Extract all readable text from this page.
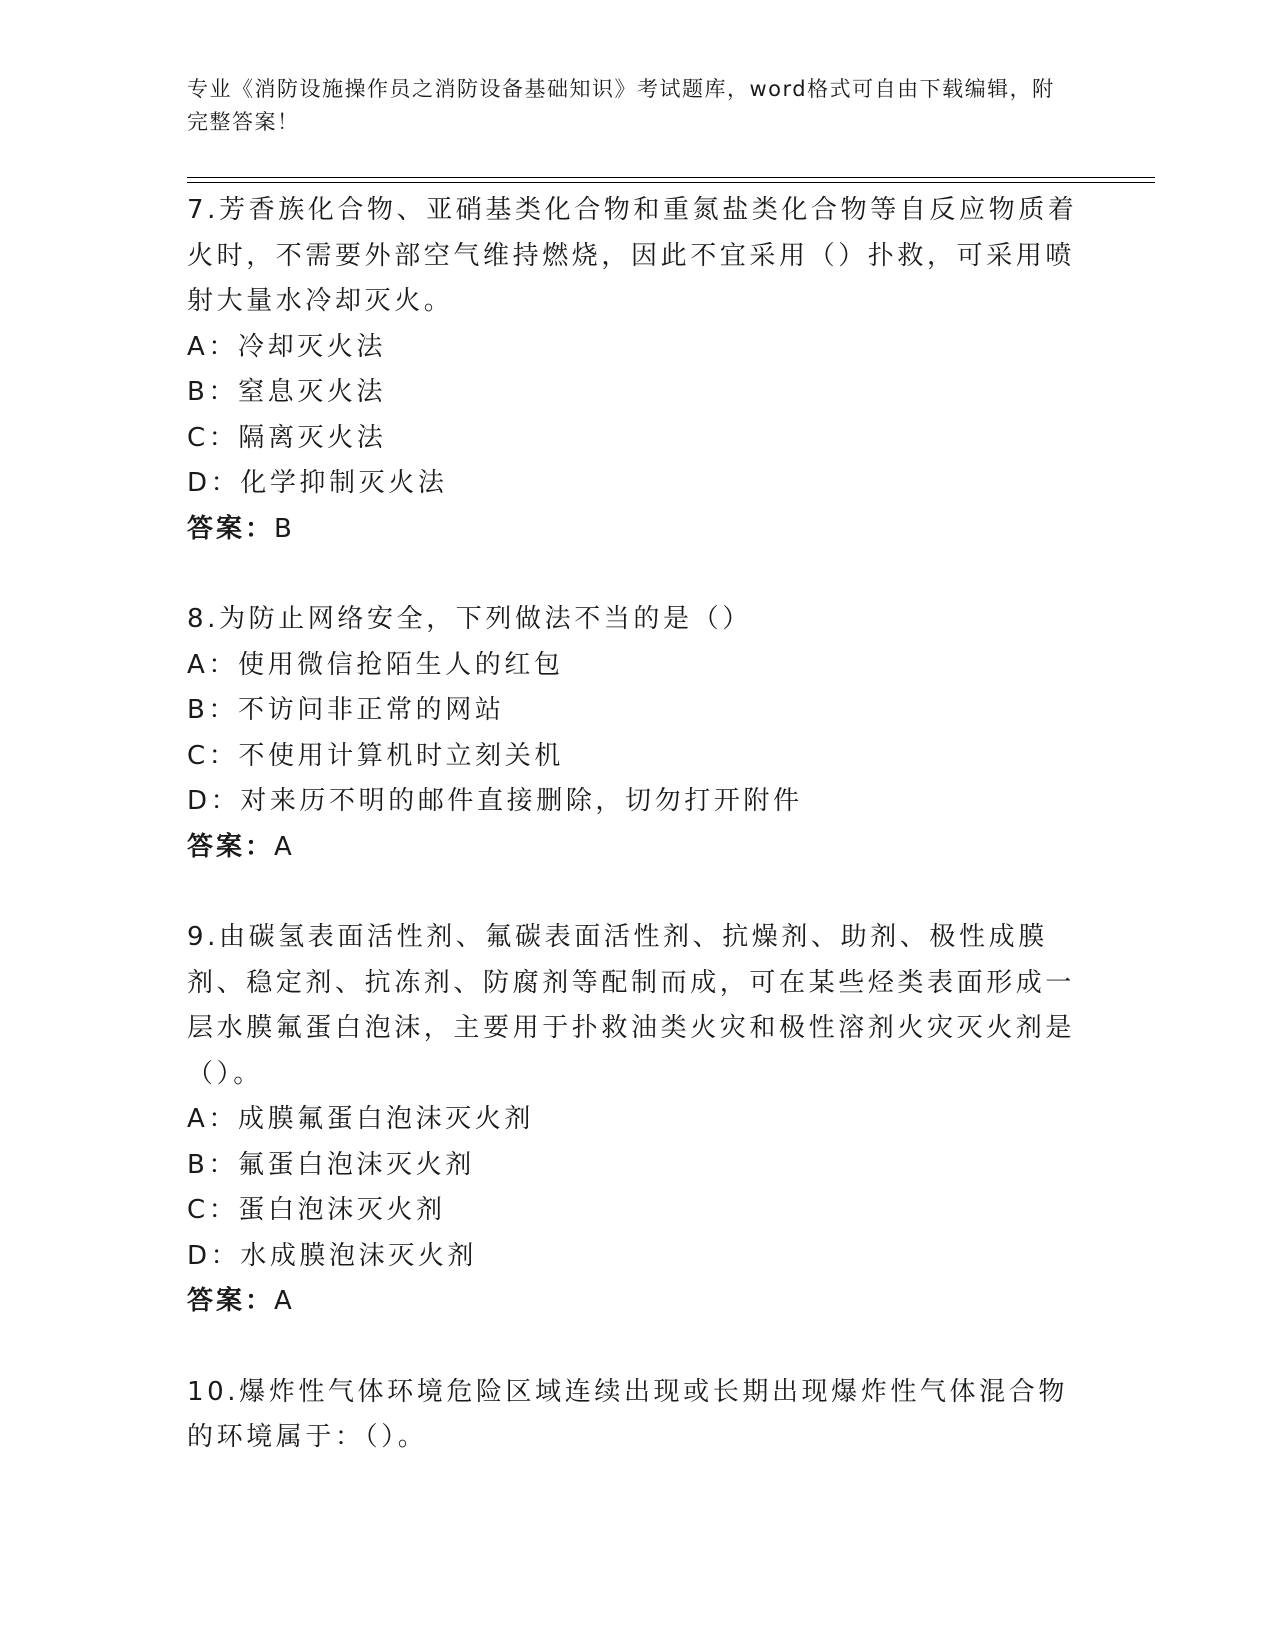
专业《消防设施操作员之消防设备基础知识》考试题库，word格式可自由下载编辑，附完整答案！

7.芳香族化合物、亚硝基类化合物和重氮盐类化合物等自反应物质着火时，不需要外部空气维持燃烧，因此不宜采用（）扑救，可采用喷射大量水冷却灭火。

A：冷却灭火法

B：窒息灭火法

C：隔离灭火法

D：化学抑制灭火法

答案：B

8.为防止网络安全，下列做法不当的是（）

A：使用微信抢陌生人的红包

B：不访问非正常的网站

C：不使用计算机时立刻关机

D：对来历不明的邮件直接删除，切勿打开附件

答案：A

9.由碳氢表面活性剂、氟碳表面活性剂、抗燥剂、助剂、极性成膜剂、稳定剂、抗冻剂、防腐剂等配制而成，可在某些烃类表面形成一层水膜氟蛋白泡沫，主要用于扑救油类火灾和极性溶剂火灾灭火剂是（）。

A：成膜氟蛋白泡沫灭火剂

B：氟蛋白泡沫灭火剂

C：蛋白泡沫灭火剂

D：水成膜泡沫灭火剂

答案：A

10.爆炸性气体环境危险区域连续出现或长期出现爆炸性气体混合物的环境属于：（）。
